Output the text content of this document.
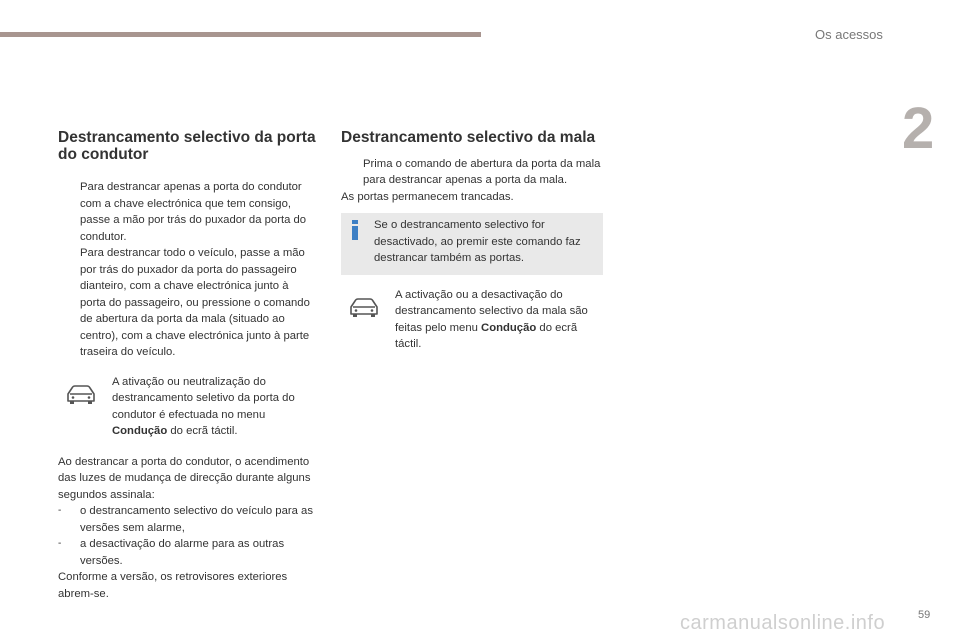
Os acessos
2
Destrancamento selectivo da porta do condutor

Para destrancar apenas a porta do condutor com a chave electrónica que tem consigo, passe a mão por trás do puxador da porta do condutor.

Para destrancar todo o veículo, passe a mão por trás do puxador da porta do passageiro dianteiro, com a chave electrónica junto à porta do passageiro, ou pressione o comando de abertura da porta da mala (situado ao centro), com a chave electrónica junto à parte traseira do veículo.

A ativação ou neutralização do destrancamento seletivo da porta do condutor é efectuada no menu Condução do ecrã táctil.

Ao destrancar a porta do condutor, o acendimento das luzes de mudança de direcção durante alguns segundos assinala:

- o destrancamento selectivo do veículo para as versões sem alarme,

- a desactivação do alarme para as outras versões.

Conforme a versão, os retrovisores exteriores abrem-se.

Destrancamento selectivo da mala

Prima o comando de abertura da porta da mala para destrancar apenas a porta da mala.

As portas permanecem trancadas.

Se o destrancamento selectivo for desactivado, ao premir este comando faz destrancar também as portas.

A activação ou a desactivação do destrancamento selectivo da mala são feitas pelo menu Condução do ecrã táctil.

carmanualsonline.info	59
